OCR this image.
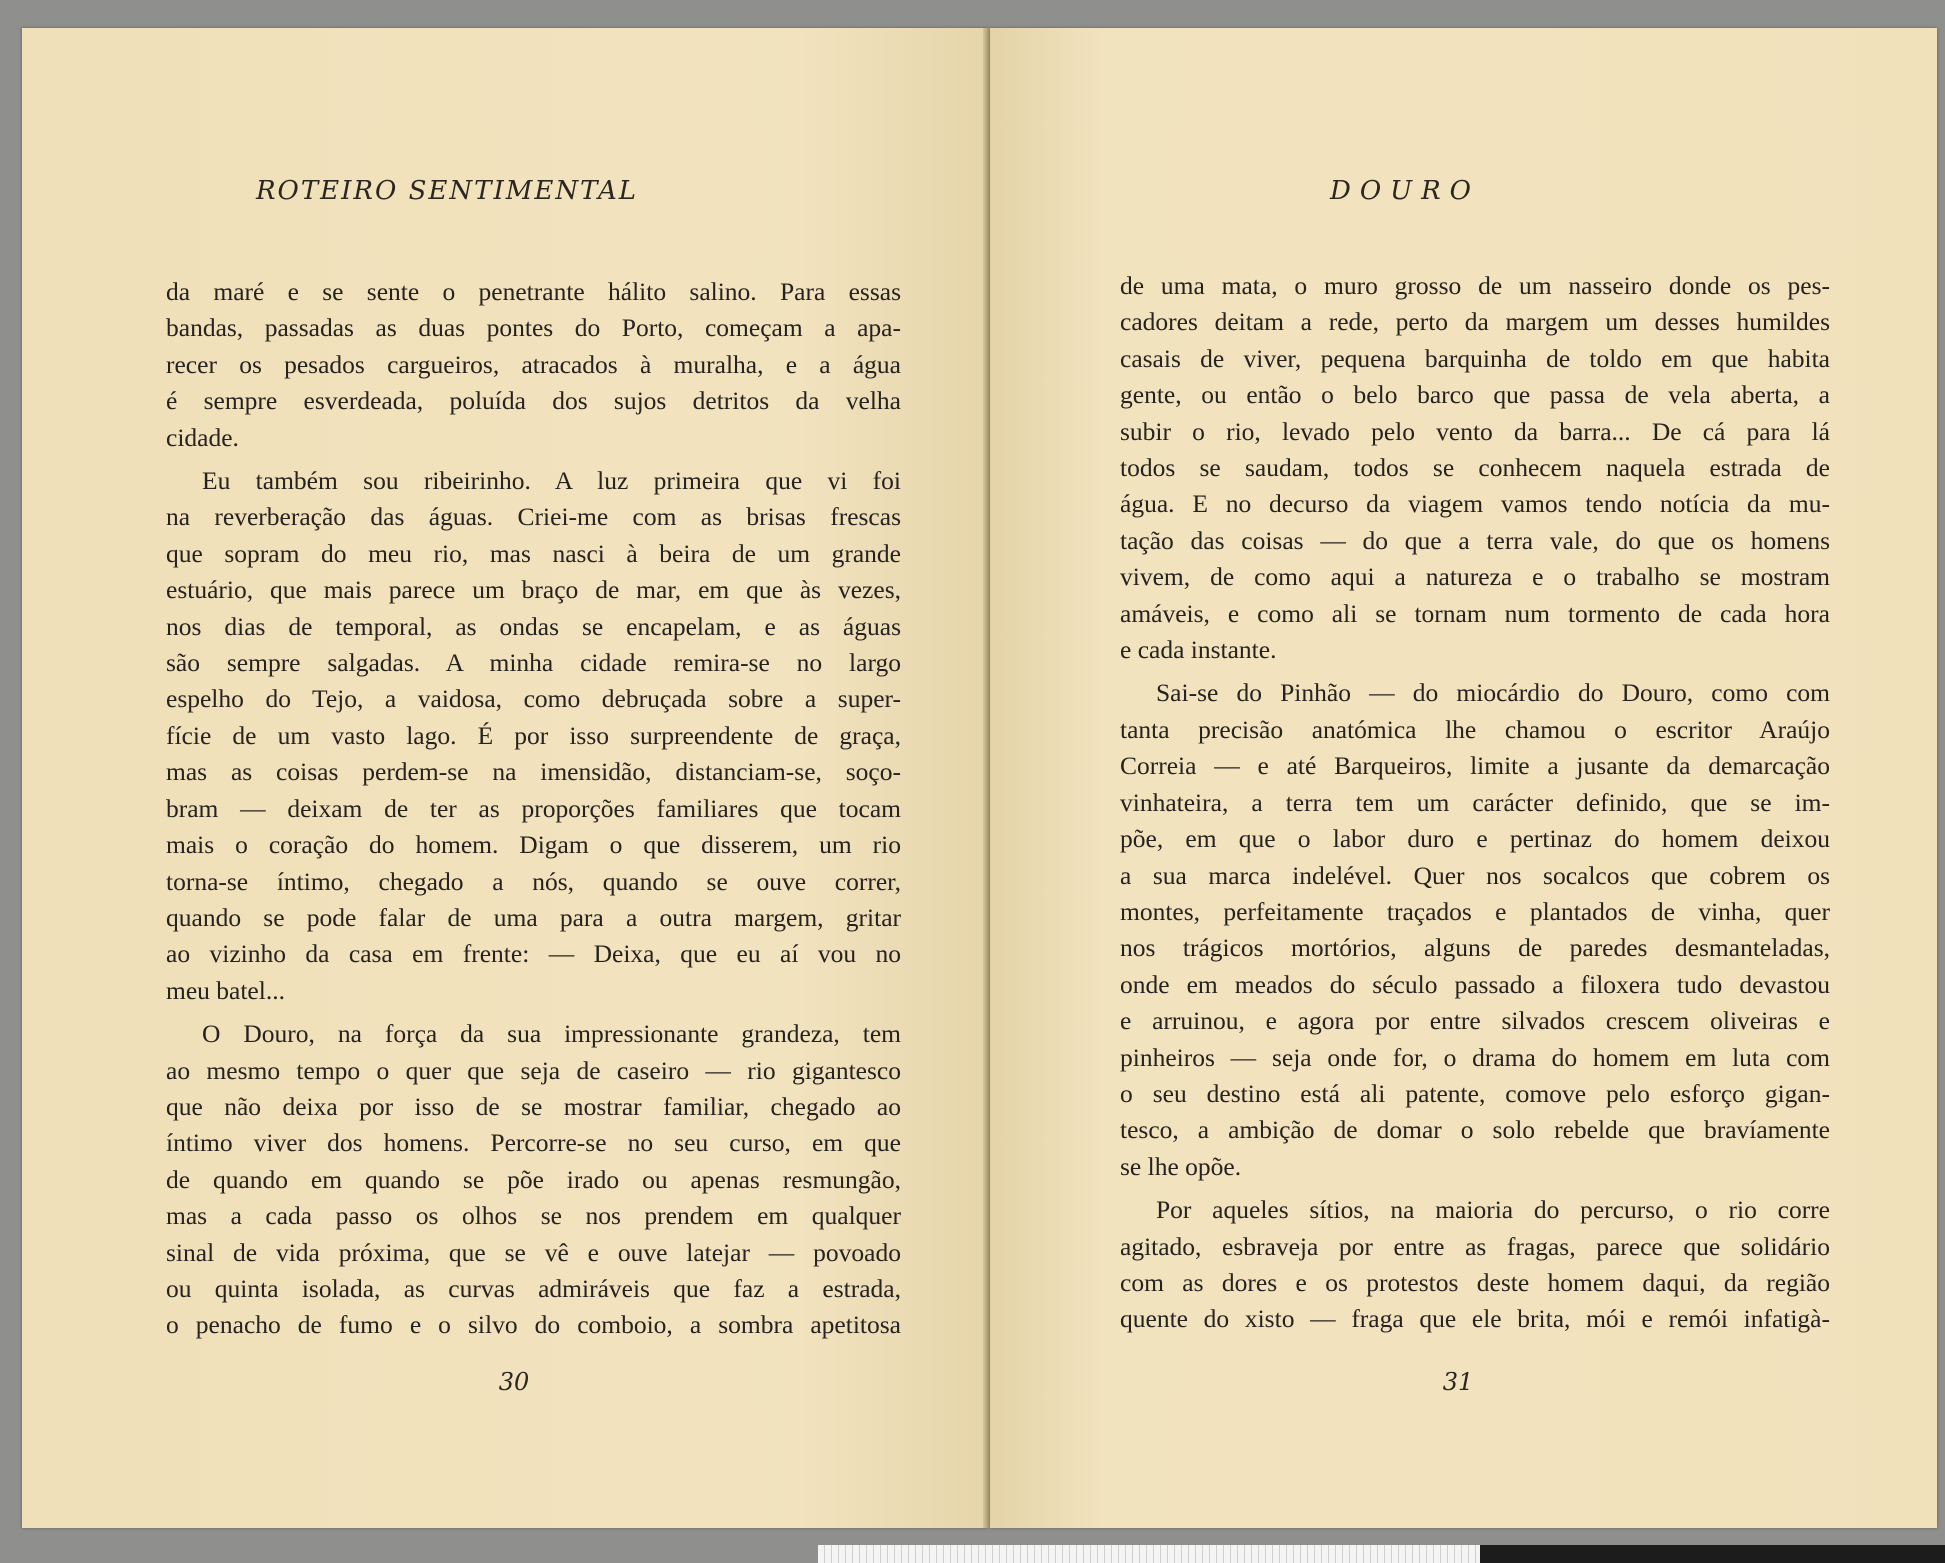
ROTEIRO SENTIMENTAL
da maré e se sente o penetrante hálito salino. Para essas
bandas, passadas as duas pontes do Porto, começam a apa-
recer os pesados cargueiros, atracados à muralha, e a água
é sempre esverdeada, poluída dos sujos detritos da velha
cidade.
Eu também sou ribeirinho. A luz primeira que vi foi
na reverberação das águas. Criei-me com as brisas frescas
que sopram do meu rio, mas nasci à beira de um grande
estuário, que mais parece um braço de mar, em que às vezes,
nos dias de temporal, as ondas se encapelam, e as águas
são sempre salgadas. A minha cidade remira-se no largo
espelho do Tejo, a vaidosa, como debruçada sobre a super-
fície de um vasto lago. É por isso surpreendente de graça,
mas as coisas perdem-se na imensidão, distanciam-se, soço-
bram — deixam de ter as proporções familiares que tocam
mais o coração do homem. Digam o que disserem, um rio
torna-se íntimo, chegado a nós, quando se ouve correr,
quando se pode falar de uma para a outra margem, gritar
ao vizinho da casa em frente: — Deixa, que eu aí vou no
meu batel...
O Douro, na força da sua impressionante grandeza, tem
ao mesmo tempo o quer que seja de caseiro — rio gigantesco
que não deixa por isso de se mostrar familiar, chegado ao
íntimo viver dos homens. Percorre-se no seu curso, em que
de quando em quando se põe irado ou apenas resmungão,
mas a cada passo os olhos se nos prendem em qualquer
sinal de vida próxima, que se vê e ouve latejar — povoado
ou quinta isolada, as curvas admiráveis que faz a estrada,
o penacho de fumo e o silvo do comboio, a sombra apetitosa
30
DOURO
de uma mata, o muro grosso de um nasseiro donde os pes-
cadores deitam a rede, perto da margem um desses humildes
casais de viver, pequena barquinha de toldo em que habita
gente, ou então o belo barco que passa de vela aberta, a
subir o rio, levado pelo vento da barra... De cá para lá
todos se saudam, todos se conhecem naquela estrada de
água. E no decurso da viagem vamos tendo notícia da mu-
tação das coisas — do que a terra vale, do que os homens
vivem, de como aqui a natureza e o trabalho se mostram
amáveis, e como ali se tornam num tormento de cada hora
e cada instante.
Sai-se do Pinhão — do miocárdio do Douro, como com
tanta precisão anatómica lhe chamou o escritor Araújo
Correia — e até Barqueiros, limite a jusante da demarcação
vinhateira, a terra tem um carácter definido, que se im-
põe, em que o labor duro e pertinaz do homem deixou
a sua marca indelével. Quer nos socalcos que cobrem os
montes, perfeitamente traçados e plantados de vinha, quer
nos trágicos mortórios, alguns de paredes desmanteladas,
onde em meados do século passado a filoxera tudo devastou
e arruinou, e agora por entre silvados crescem oliveiras e
pinheiros — seja onde for, o drama do homem em luta com
o seu destino está ali patente, comove pelo esforço gigan-
tesco, a ambição de domar o solo rebelde que bravíamente
se lhe opõe.
Por aqueles sítios, na maioria do percurso, o rio corre
agitado, esbraveja por entre as fragas, parece que solidário
com as dores e os protestos deste homem daqui, da região
quente do xisto — fraga que ele brita, mói e remói infatigà-
31
